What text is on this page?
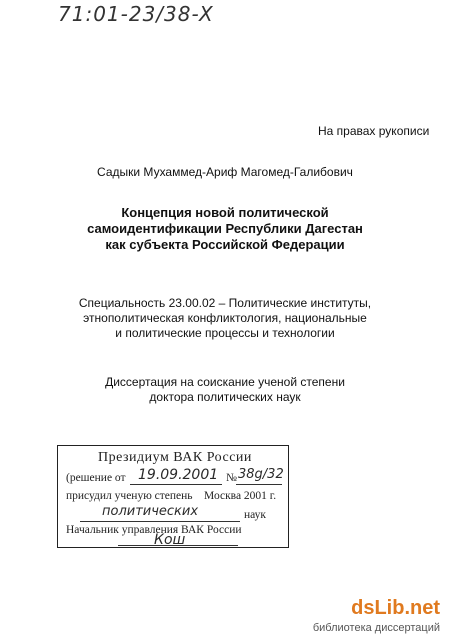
71:01-23/38-X
На правах рукописи
Садыки Мухаммед-Ариф Магомед-Галибович
Концепция новой политической
самоидентификации Республики Дагестан
как субъекта Российской Федерации
Специальность 23.00.02 – Политические институты,
этнополитическая конфликтология, национальные
и политические процессы и технологии
Диссертация на соискание ученой степени
доктора политических наук
Президиум ВАК России
(решение от 19.09.2001 № 38g/32
присудил ученую степень Москва 2001 г.
политических	наук
Начальник управления ВАК России
Кош
dsLib.net
библиотека диссертаций
